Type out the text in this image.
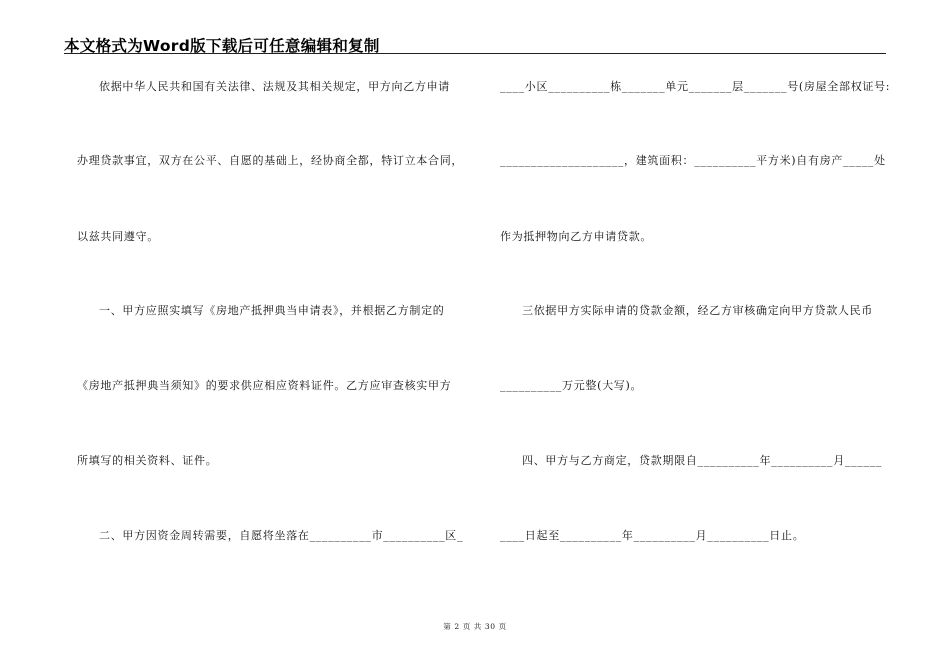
本文格式为Word版下载后可任意编辑和复制
依据中华人民共和国有关法律、法规及其相关规定，甲方向乙方申请
办理贷款事宜，双方在公平、自愿的基础上，经协商全都，特订立本合同，
以兹共同遵守。
一、甲方应照实填写《房地产抵押典当申请表》，并根据乙方制定的
《房地产抵押典当须知》的要求供应相应资料证件。乙方应审查核实甲方
所填写的相关资料、证件。
二、甲方因资金周转需要，自愿将坐落在__________市__________区_
____小区__________栋_______单元_______层_______号(房屋全部权证号:
____________________，建筑面积：__________平方米)自有房产_____处
作为抵押物向乙方申请贷款。
三依据甲方实际申请的贷款金额，经乙方审核确定向甲方贷款人民币
__________万元整(大写)。
四、甲方与乙方商定，贷款期限自__________年__________月______
____日起至__________年__________月__________日止。
第 2 页 共 30 页
